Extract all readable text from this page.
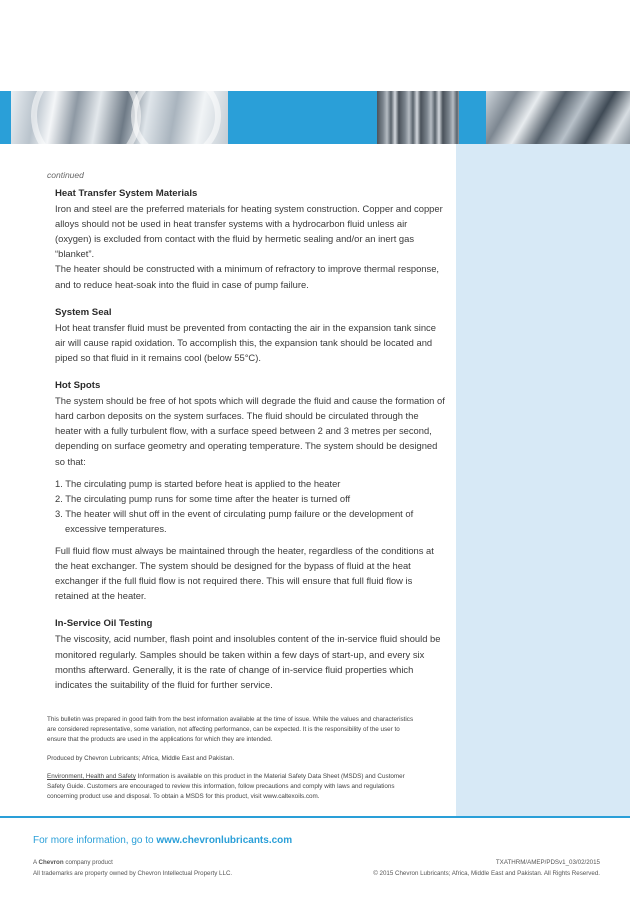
continued
Heat Transfer System Materials
Iron and steel are the preferred materials for heating system construction. Copper and copper alloys should not be used in heat transfer systems with a hydrocarbon fluid unless air (oxygen) is excluded from contact with the fluid by hermetic sealing and/or an inert gas “blanket”.
The heater should be constructed with a minimum of refractory to improve thermal response, and to reduce heat-soak into the fluid in case of pump failure.
System Seal
Hot heat transfer fluid must be prevented from contacting the air in the expansion tank since air will cause rapid oxidation. To accomplish this, the expansion tank should be located and piped so that fluid in it remains cool (below 55°C).
Hot Spots
The system should be free of hot spots which will degrade the fluid and cause the formation of hard carbon deposits on the system surfaces. The fluid should be circulated through the heater with a fully turbulent flow, with a surface speed between 2 and 3 metres per second, depending on surface geometry and operating temperature. The system should be designed so that:
1. The circulating pump is started before heat is applied to the heater
2. The circulating pump runs for some time after the heater is turned off
3. The heater will shut off in the event of circulating pump failure or the development of excessive temperatures.
Full fluid flow must always be maintained through the heater, regardless of the conditions at the heat exchanger. The system should be designed for the bypass of fluid at the heat exchanger if the full fluid flow is not required there. This will ensure that full fluid flow is retained at the heater.
In-Service Oil Testing
The viscosity, acid number, flash point and insolubles content of the in-service fluid should be monitored regularly. Samples should be taken within a few days of start-up, and every six months afterward. Generally, it is the rate of change of in-service fluid properties which indicates the suitability of the fluid for further service.
This bulletin was prepared in good faith from the best information available at the time of issue. While the values and characteristics are considered representative, some variation, not affecting performance, can be expected. It is the responsibility of the user to ensure that the products are used in the applications for which they are intended.
Produced by Chevron Lubricants; Africa, Middle East and Pakistan.
Environment, Health and Safety Information is available on this product in the Material Safety Data Sheet (MSDS) and Customer Safety Guide. Customers are encouraged to review this information, follow precautions and comply with laws and regulations concerning product use and disposal. To obtain a MSDS for this product, visit www.caltexoils.com.
For more information, go to www.chevronlubricants.com
A Chevron company product
All trademarks are property owned by Chevron Intellectual Property LLC.
TXATHRM/AMEP/PDSv1_03/02/2015
© 2015 Chevron Lubricants; Africa, Middle East and Pakistan. All Rights Reserved.
